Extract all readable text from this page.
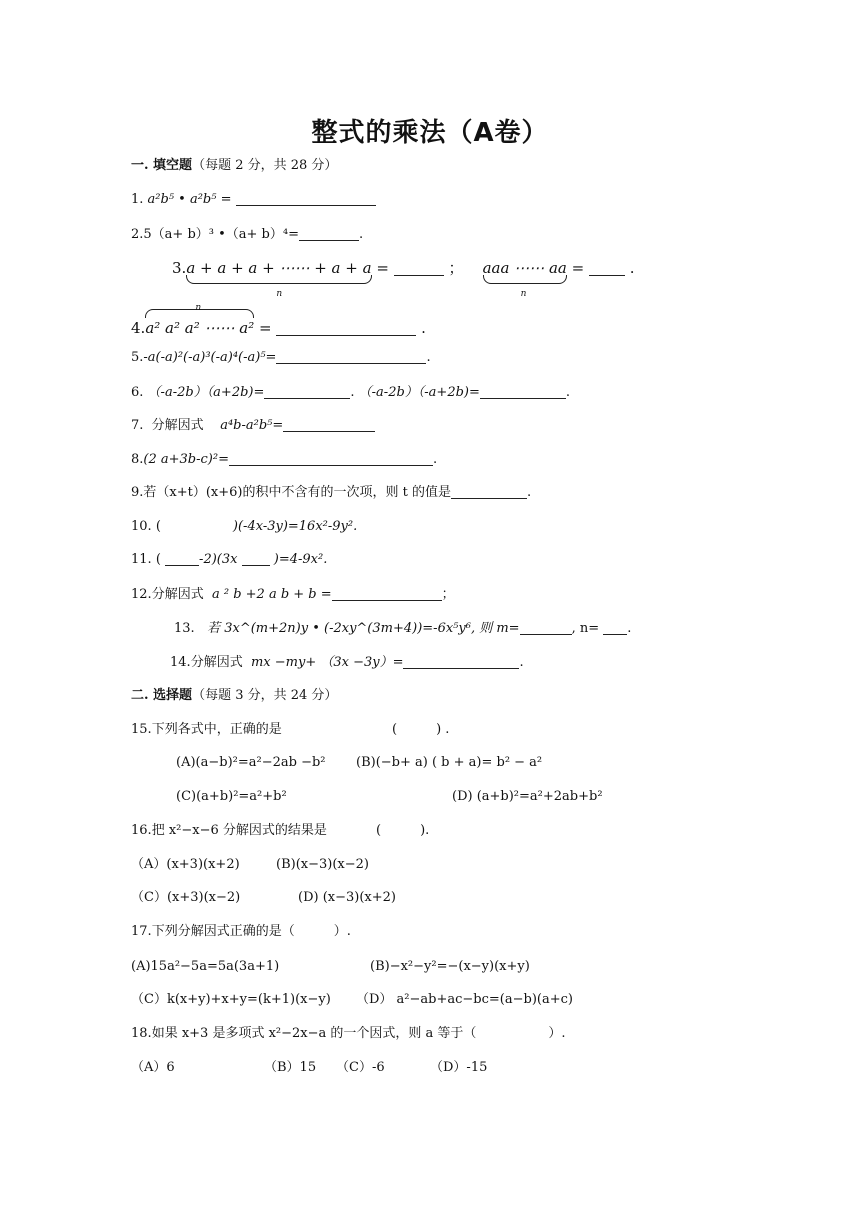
整式的乘法（A卷）
一. 填空题（每题 2 分，共 28 分）
1. a²b⁵ • a²b⁵ =
2.5（a+ b）³ •（a+ b）⁴=	.
3.a + a + a + ⋯⋯ + a + a
n
=	； aaa ⋯⋯ aa
n
=	.
4.
n
a² a² a² ⋯⋯ a² =	.
5.-a(-a)²(-a)³(-a)⁴(-a)⁵=	.
6. （-a-2b）（a+2b)=	. （-a-2b）（-a+2b)=	.
7. 分解因式 a⁴b-a²b⁵=
8.(2 a+3b-c)²=	.
9.若（x+t）(x+6)的积中不含有的一次项，则 t 的值是	.
10. (	)(-4x-3y)=16x²-9y².
11. (	-2)(3x	)=4-9x².
12.分解因式 a ² b +2 a b + b =	；
13. 若 3x^(m+2n)y • (-2xy^(3m+4))=-6x⁵y⁶, 则 m=	, n= .
14.分解因式 mx −my+ （3x −3y）=	.
二. 选择题（每题 3 分，共 24 分）
15.下列各式中，正确的是	(　　　) .
(A)(a−b)²=a²−2ab −b² (B)(−b+ a) ( b + a)= b² − a²
(C)(a+b)²=a²+b²	(D) (a+b)²=a²+2ab+b²
16.把 x²−x−6 分解因式的结果是	(　　　).
（A）(x+3)(x+2)	(B)(x−3)(x−2)
（C）(x+3)(x−2)	(D) (x−3)(x+2)
17.下列分解因式正确的是（　　　）.
(A)15a²−5a=5a(3a+1)	(B)−x²−y²=−(x−y)(x+y)
（C）k(x+y)+x+y=(k+1)(x−y) （D） a²−ab+ac−bc=(a−b)(a+c)
18.如果 x+3 是多项式 x²−2x−a 的一个因式，则 a 等于（	）.
（A）6	（B）15 （C）-6	（D）-15
